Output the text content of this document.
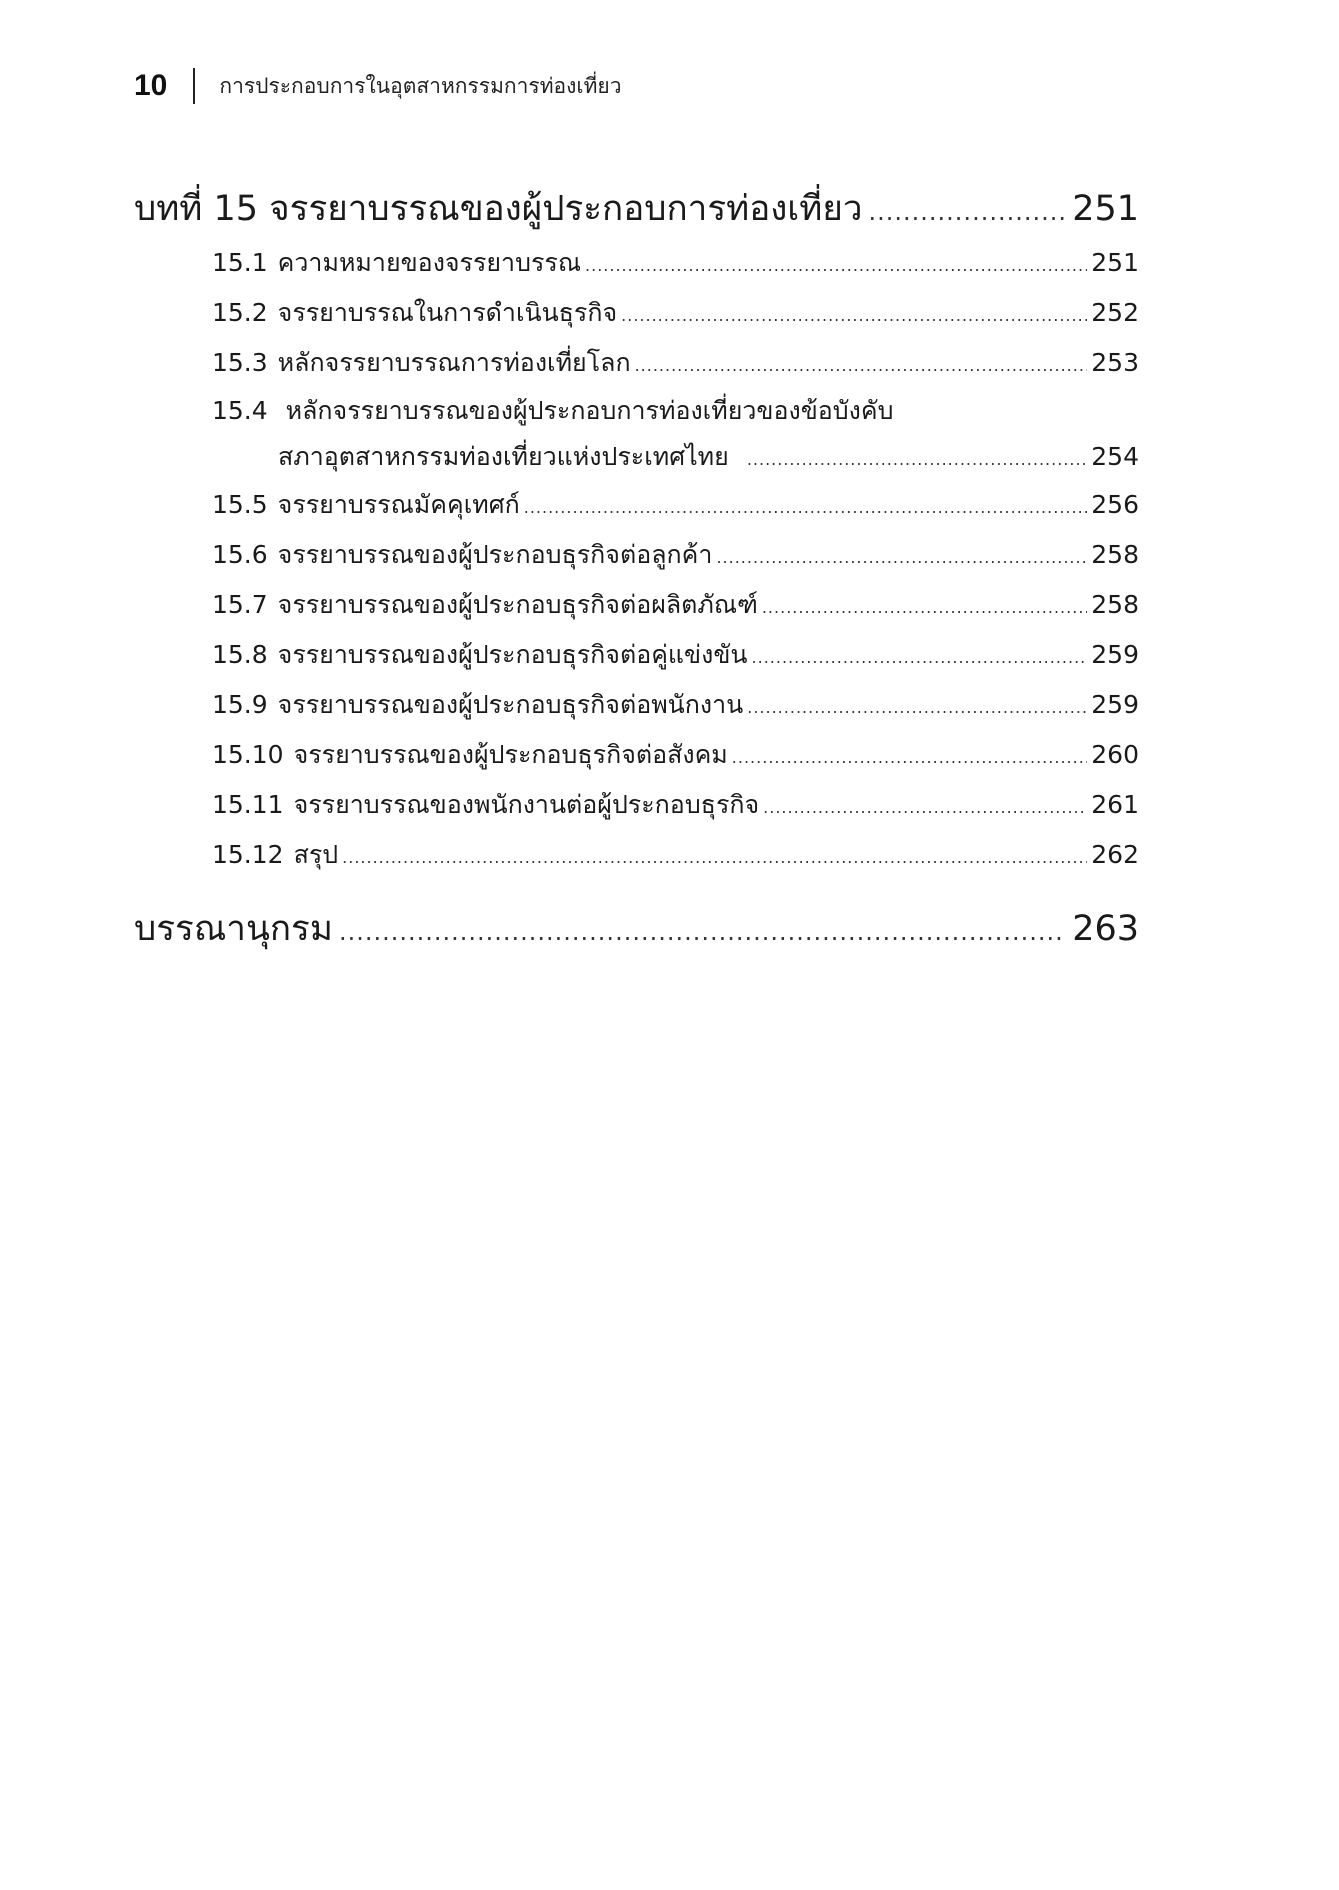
10 การประกอบการในอุตสาหกรรมการท่องเที่ยว
บทที่ 15 จรรยาบรรณของผู้ประกอบการท่องเที่ยว .....	251
15.1 ความหมายของจรรยาบรรณ .....	251
15.2 จรรยาบรรณในการดำเนินธุรกิจ .....	252
15.3 หลักจรรยาบรรณการท่องเที่ยโลก .....	253
15.4 หลักจรรยาบรรณของผู้ประกอบการท่องเที่ยวของข้อบังคับ
สภาอุตสาหกรรมท่องเที่ยวแห่งประเทศไทย .....	254
15.5 จรรยาบรรณมัคคุเทศก์ .....	256
15.6 จรรยาบรรณของผู้ประกอบธุรกิจต่อลูกค้า .....	258
15.7 จรรยาบรรณของผู้ประกอบธุรกิจต่อผลิตภัณฑ์ .....	258
15.8 จรรยาบรรณของผู้ประกอบธุรกิจต่อคู่แข่งขัน .....	259
15.9 จรรยาบรรณของผู้ประกอบธุรกิจต่อพนักงาน .....	259
15.10 จรรยาบรรณของผู้ประกอบธุรกิจต่อสังคม .....	260
15.11 จรรยาบรรณของพนักงานต่อผู้ประกอบธุรกิจ .....	261
15.12 สรุป .....	262
บรรณานุกรม .....	263
